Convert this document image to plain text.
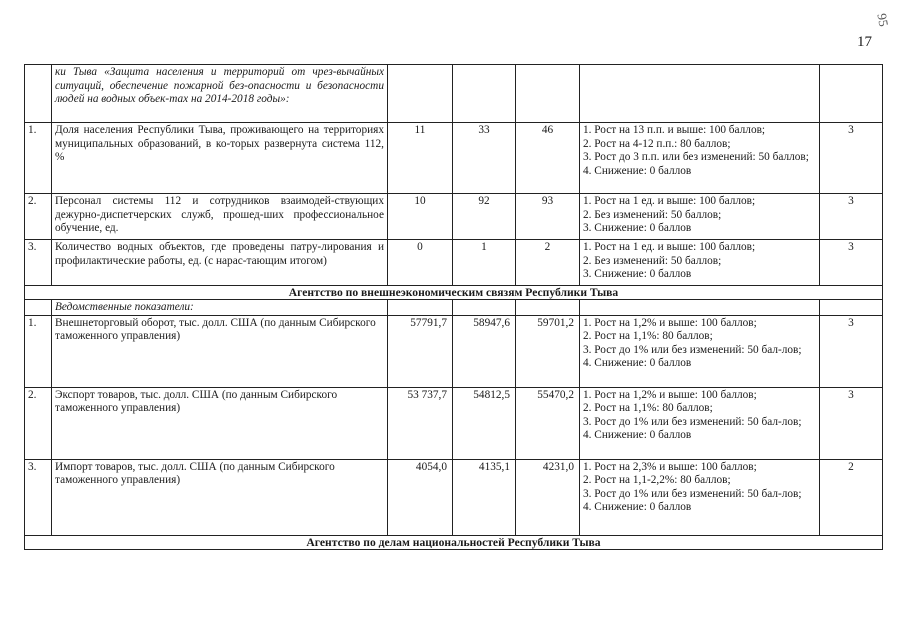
17
95
	ки Тыва «Защита населения и территорий от чрез-вычайных ситуаций, обеспечение пожарной без-опасности и безопасности людей на водных объек-тах на 2014-2018 годы»:					
1.	Доля населения Республики Тыва, проживающего на территориях муниципальных образований, в ко-торых развернута система 112, %	11	33	46	1. Рост на 13 п.п. и выше: 100 баллов;
2. Рост на 4-12 п.п.: 80 баллов;
3. Рост до 3 п.п. или без изменений: 50 баллов;
4. Снижение: 0 баллов	3
2.	Персонал системы 112 и сотрудников взаимодей-ствующих дежурно-диспетчерских служб, прошед-ших профессиональное обучение, ед.	10	92	93	1. Рост на 1 ед. и выше: 100 баллов;
2. Без изменений: 50 баллов;
3. Снижение: 0 баллов	3
3.	Количество водных объектов, где проведены патру-лирования и профилактические работы, ед. (с нарас-тающим итогом)	0	1	2	1. Рост на 1 ед. и выше: 100 баллов;
2. Без изменений: 50 баллов;
3. Снижение: 0 баллов	3
Агентство по внешнеэкономическим связям Республики Тыва						
	Ведомственные показатели:					
1.	Внешнеторговый оборот, тыс. долл. США (по данным Сибирского таможенного управления)	57791,7	58947,6	59701,2	1. Рост на 1,2% и выше: 100 баллов;
2. Рост на 1,1%: 80 баллов;
3. Рост до 1% или без изменений: 50 бал-лов;
4. Снижение: 0 баллов	3
2.	Экспорт товаров, тыс. долл. США (по данным Сибирского таможенного управления)	53 737,7	54812,5	55470,2	1. Рост на 1,2% и выше: 100 баллов;
2. Рост на 1,1%: 80 баллов;
3. Рост до 1% или без изменений: 50 бал-лов;
4. Снижение: 0 баллов	3
3.	Импорт товаров, тыс. долл. США (по данным Сибирского таможенного управления)	4054,0	4135,1	4231,0	1. Рост на 2,3% и выше: 100 баллов;
2. Рост на 1,1-2,2%: 80 баллов;
3. Рост до 1% или без изменений: 50 бал-лов;
4. Снижение: 0 баллов	2
Агентство по делам национальностей Республики Тыва						
